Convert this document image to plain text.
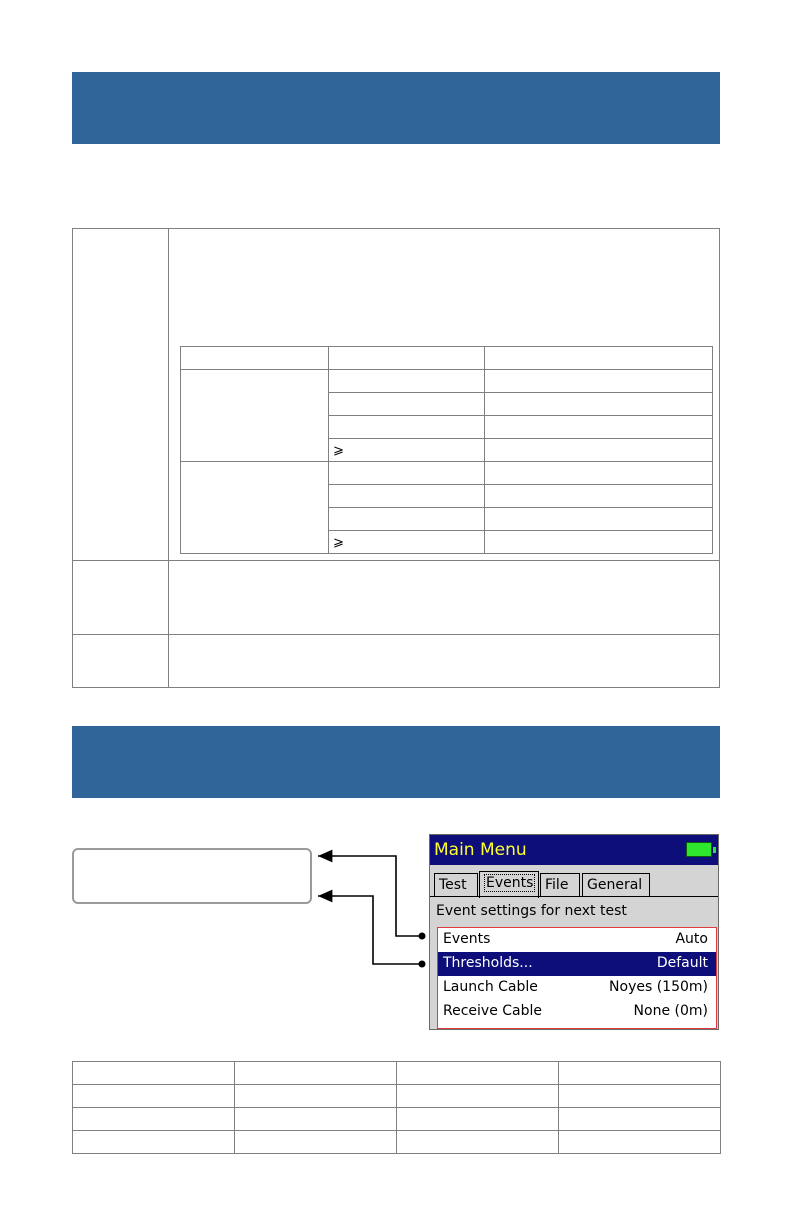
	⩾	

	⩾	
Main Menu
Test	Events File	General
Event settings for next test
Events	Auto
Thresholds...	Default
Launch Cable	Noyes (150m)
Receive Cable	None (0m)
